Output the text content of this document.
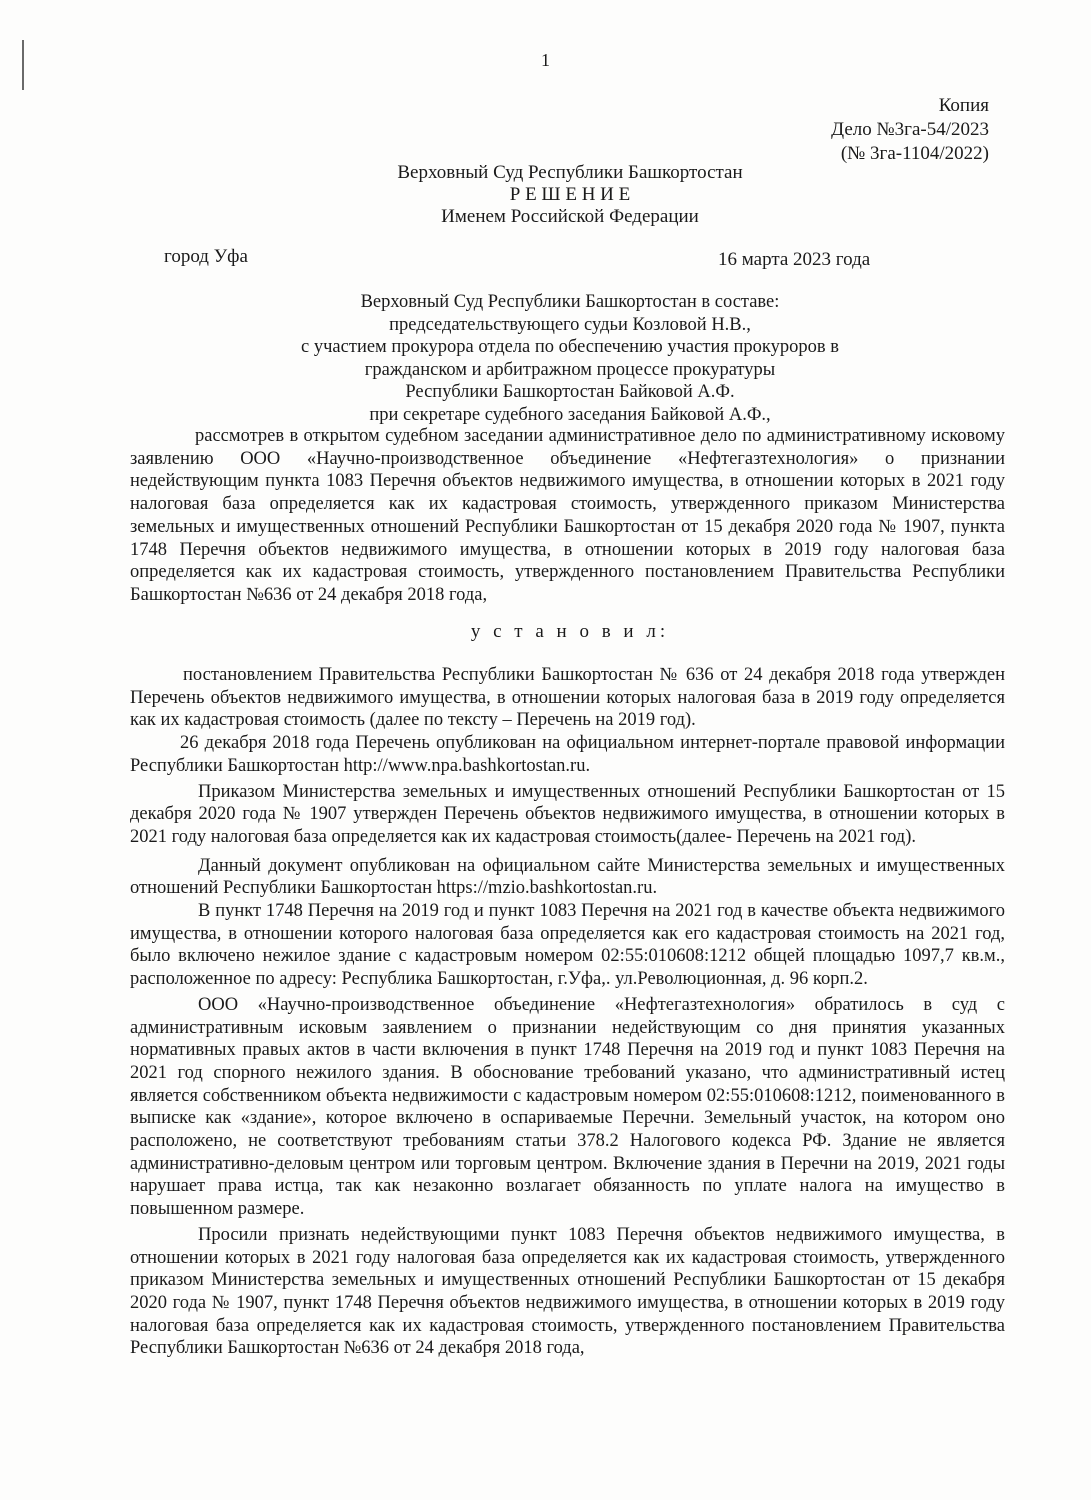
1
Копия
Дело №3га-54/2023
(№ 3га-1104/2022)
Верховный Суд Республики Башкортостан
Р Е Ш Е Н И Е
Именем Российской Федерации
город Уфа	16 марта 2023 года
Верховный Суд Республики Башкортостан в составе:
председательствующего судьи Козловой Н.В.,
с участием прокурора отдела по обеспечению участия прокуроров в
гражданском и арбитражном процессе прокуратуры
Республики Башкортостан Байковой А.Ф.
при секретаре судебного заседания Байковой А.Ф.,

рассмотрев в открытом судебном заседании административное дело по административному исковому заявлению ООО «Научно-производственное объединение «Нефтегазтехнология» о признании недействующим пункта 1083 Перечня объектов недвижимого имущества, в отношении которых в 2021 году налоговая база определяется как их кадастровая стоимость, утвержденного приказом Министерства земельных и имущественных отношений Республики Башкортостан от 15 декабря 2020 года № 1907, пункта 1748 Перечня объектов недвижимого имущества, в отношении которых в 2019 году налоговая база определяется как их кадастровая стоимость, утвержденного постановлением Правительства Республики Башкортостан №636 от 24 декабря 2018 года,

у с т а н о в и л:

постановлением Правительства Республики Башкортостан № 636 от 24 декабря 2018 года утвержден Перечень объектов недвижимого имущества, в отношении которых налоговая база в 2019 году определяется как их кадастровая стоимость (далее по тексту – Перечень на 2019 год).

26 декабря 2018 года Перечень опубликован на официальном интернет-портале правовой информации Республики Башкортостан http://www.npa.bashkortostan.ru.

Приказом Министерства земельных и имущественных отношений Республики Башкортостан от 15 декабря 2020 года № 1907 утвержден Перечень объектов недвижимого имущества, в отношении которых в 2021 году налоговая база определяется как их кадастровая стоимость(далее- Перечень на 2021 год).

Данный документ опубликован на официальном сайте Министерства земельных и имущественных отношений Республики Башкортостан https://mzio.bashkortostan.ru.

В пункт 1748 Перечня на 2019 год и пункт 1083 Перечня на 2021 год в качестве объекта недвижимого имущества, в отношении которого налоговая база определяется как его кадастровая стоимость на 2021 год, было включено нежилое здание с кадастровым номером 02:55:010608:1212 общей площадью 1097,7 кв.м., расположенное по адресу: Республика Башкортостан, г.Уфа,. ул.Революционная, д. 96 корп.2.

ООО «Научно-производственное объединение «Нефтегазтехнология» обратилось в суд с административным исковым заявлением о признании недействующим со дня принятия указанных нормативных правых актов в части включения в пункт 1748 Перечня на 2019 год и пункт 1083 Перечня на 2021 год спорного нежилого здания. В обоснование требований указано, что административный истец является собственником объекта недвижимости с кадастровым номером 02:55:010608:1212, поименованного в выписке как «здание», которое включено в оспариваемые Перечни. Земельный участок, на котором оно расположено, не соответствуют требованиям статьи 378.2 Налогового кодекса РФ. Здание не является административно-деловым центром или торговым центром. Включение здания в Перечни на 2019, 2021 годы нарушает права истца, так как незаконно возлагает обязанность по уплате налога на имущество в повышенном размере.

Просили признать недействующими пункт 1083 Перечня объектов недвижимого имущества, в отношении которых в 2021 году налоговая база определяется как их кадастровая стоимость, утвержденного приказом Министерства земельных и имущественных отношений Республики Башкортостан от 15 декабря 2020 года № 1907, пункт 1748 Перечня объектов недвижимого имущества, в отношении которых в 2019 году налоговая база определяется как их кадастровая стоимость, утвержденного постановлением Правительства Республики Башкортостан №636 от 24 декабря 2018 года,
